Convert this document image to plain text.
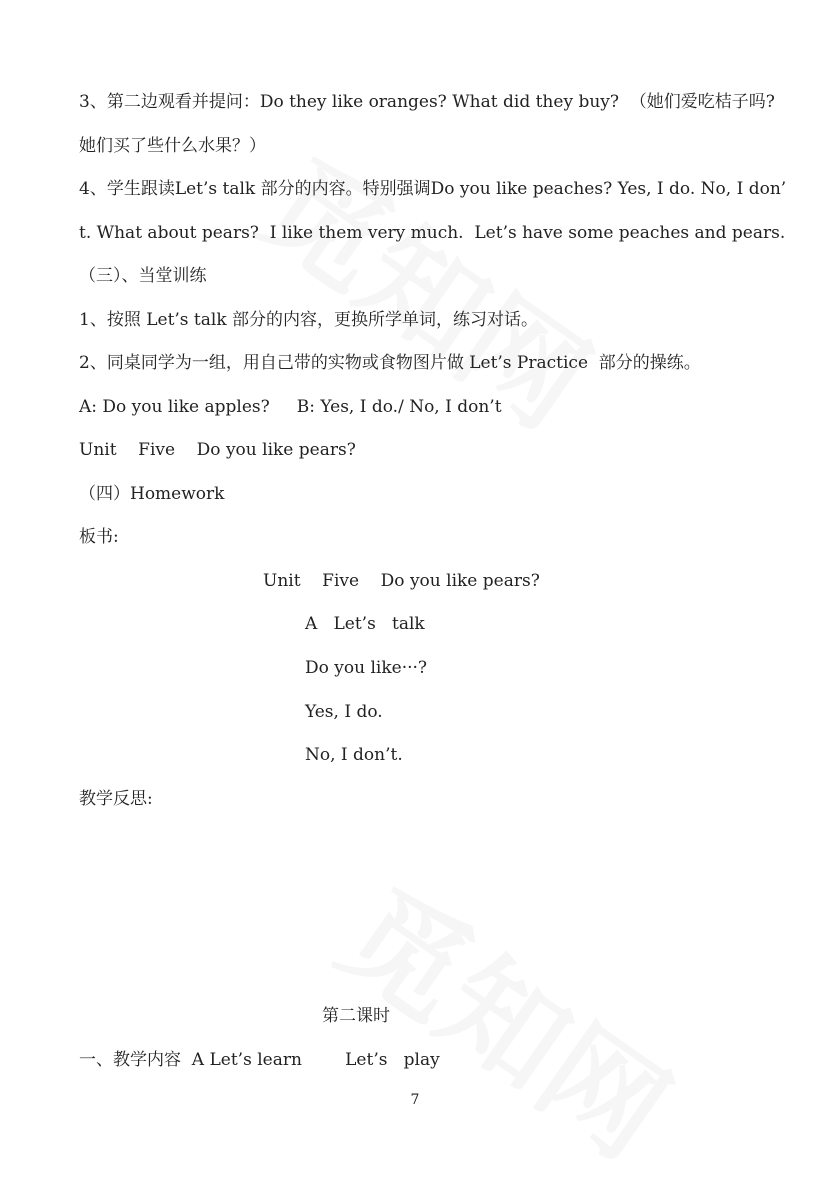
3、第二边观看并提问：Do they like oranges? What did they buy?  （她们爱吃桔子吗?

她们买了些什么水果？）

4、学生跟读Let’s talk 部分的内容。特别强调Do you like peaches? Yes, I do. No, I don’

t. What about pears?  I like them very much.  Let’s have some peaches and pears.

（三）、当堂训练

1、按照 Let’s talk 部分的内容，更换所学单词，练习对话。

2、同桌同学为一组，用自己带的实物或食物图片做 Let’s Practice  部分的操练。

A: Do you like apples?     B: Yes, I do./ No, I don’t

Unit    Five    Do you like pears?

（四）Homework

板书:

Unit    Five    Do you like pears?

A   Let’s   talk

Do you like···?

Yes, I do.

No, I don’t.

教学反思:

第二课时

一、教学内容  A Let’s learn        Let’s   play

7
